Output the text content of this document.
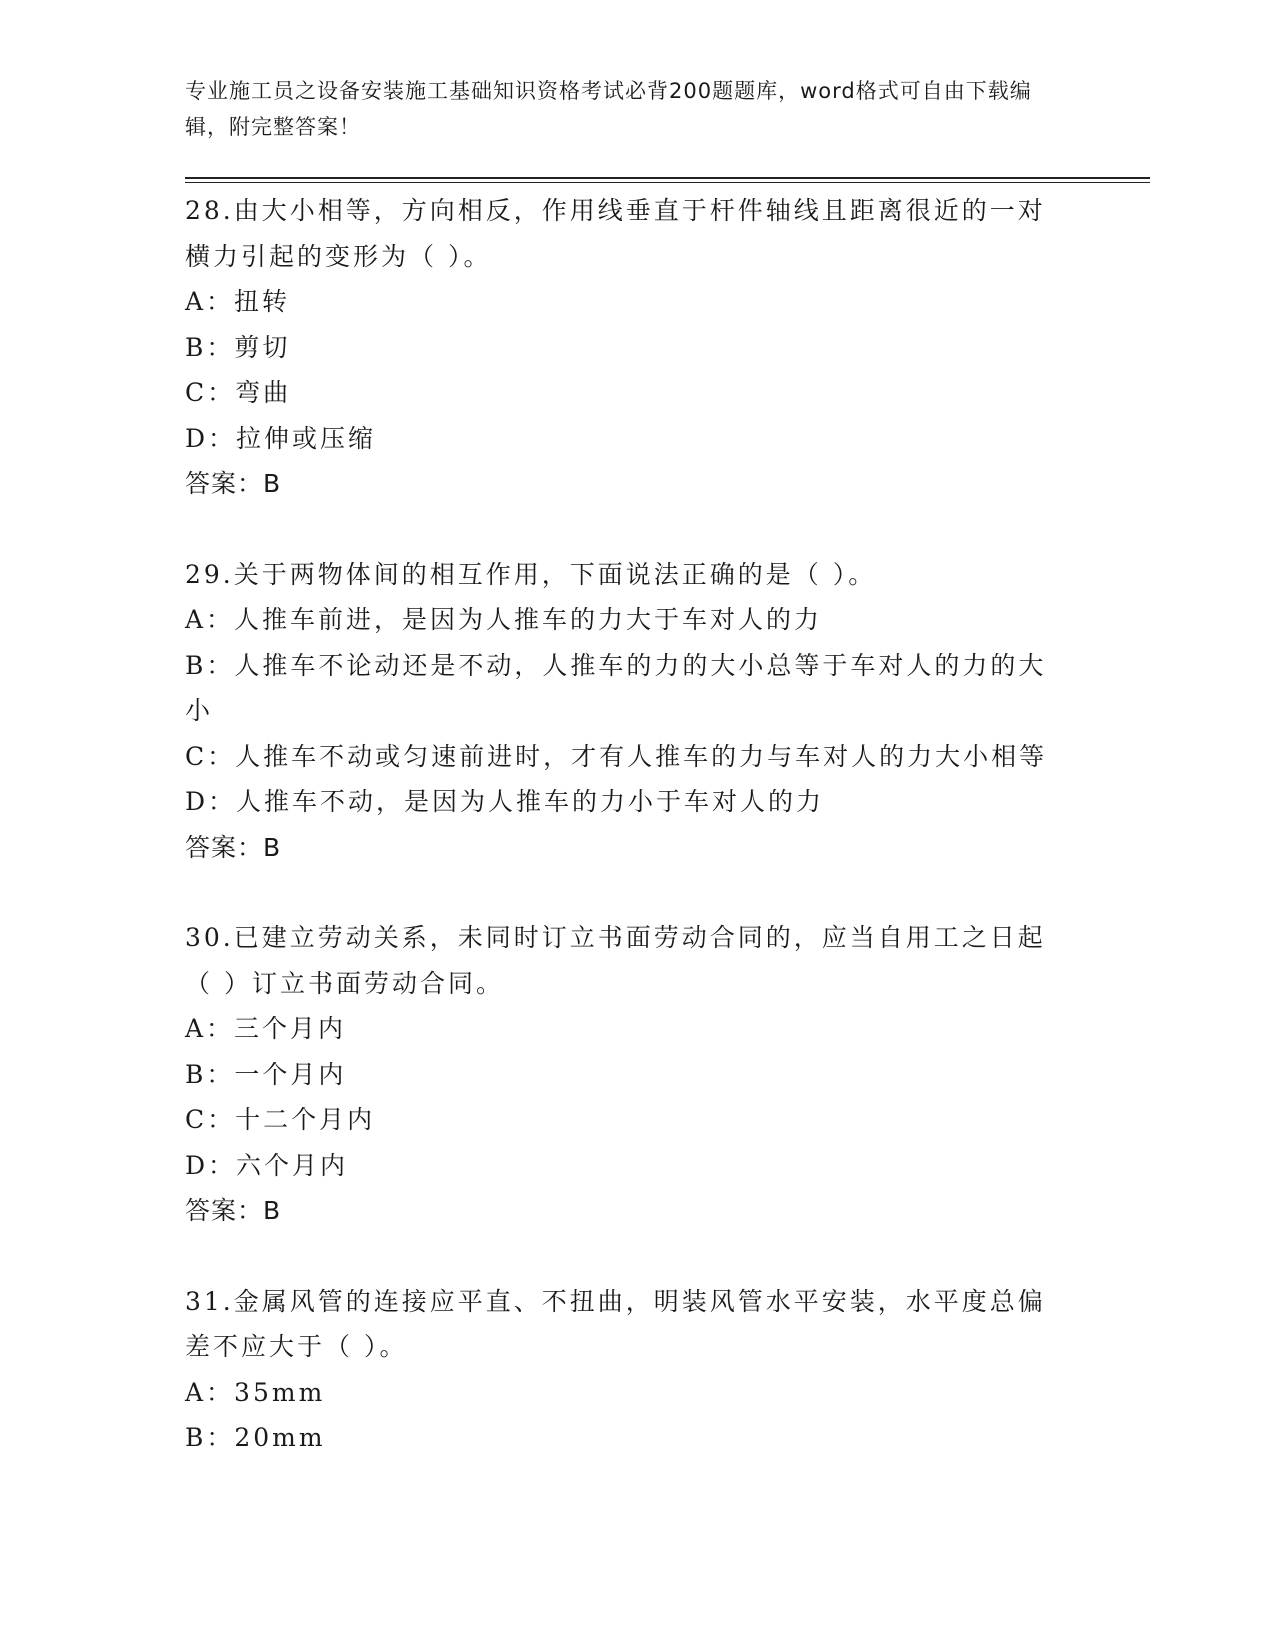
专业施工员之设备安装施工基础知识资格考试必背200题题库，word格式可自由下载编辑，附完整答案！

28.由大小相等，方向相反，作用线垂直于杆件轴线且距离很近的一对横力引起的变形为（ ）。

A：扭转

B：剪切

C：弯曲

D：拉伸或压缩

答案：B

29.关于两物体间的相互作用，下面说法正确的是（ ）。

A：人推车前进，是因为人推车的力大于车对人的力

B：人推车不论动还是不动，人推车的力的大小总等于车对人的力的大小

C：人推车不动或匀速前进时，才有人推车的力与车对人的力大小相等

D：人推车不动，是因为人推车的力小于车对人的力

答案：B

30.已建立劳动关系，未同时订立书面劳动合同的，应当自用工之日起（ ）订立书面劳动合同。

A：三个月内

B：一个月内

C：十二个月内

D：六个月内

答案：B

31.金属风管的连接应平直、不扭曲，明装风管水平安装，水平度总偏差不应大于（ ）。

A：35mm

B：20mm
